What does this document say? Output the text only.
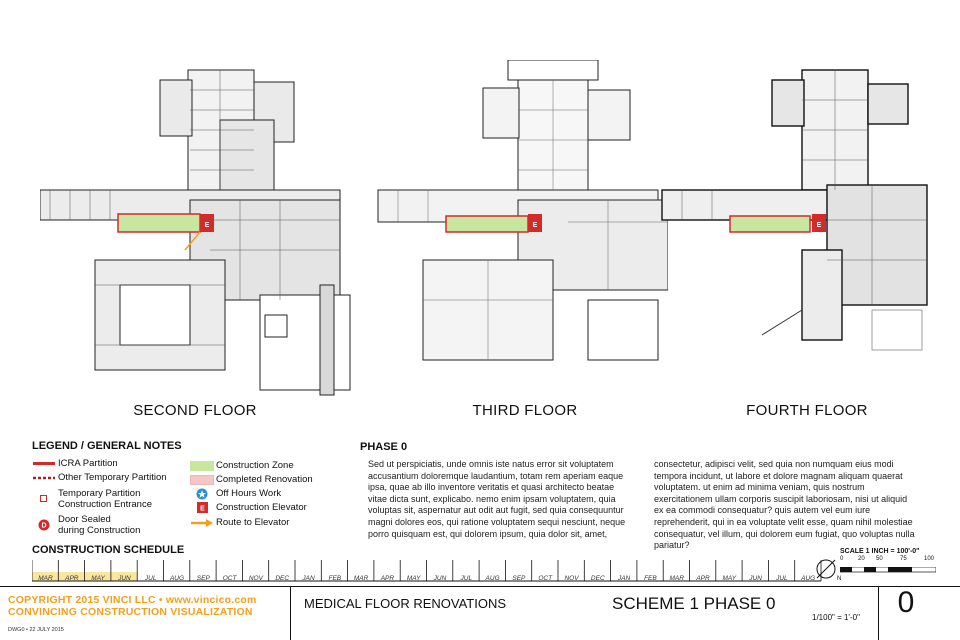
E	E	E
SECOND FLOOR	THIRD FLOOR	FOURTH FLOOR
LEGEND / GENERAL NOTES
ICRA Partition
Other Temporary Partition
Temporary Partition
Construction Entrance
D
Door Sealed
during Construction
Construction Zone
Completed Renovation
Off Hours Work
E Construction Elevator
Route to Elevator
PHASE 0
Sed ut perspiciatis, unde omnis iste natus error sit voluptatem accusantium doloremque laudantium, totam rem aperiam eaque ipsa, quae ab illo inventore veritatis et quasi architecto beatae vitae dicta sunt, explicabo. nemo enim ipsam voluptatem, quia voluptas sit, aspernatur aut odit aut fugit, sed quia consequuntur magni dolores eos, qui ratione voluptatem sequi nesciunt, neque porro quisquam est, qui dolorem ipsum, quia dolor sit, amet,
consectetur, adipisci velit, sed quia non numquam eius modi tempora incidunt, ut labore et dolore magnam aliquam quaerat voluptatem. ut enim ad minima veniam, quis nostrum exercitationem ullam corporis suscipit laboriosam, nisi ut aliquid ex ea commodi consequatur? quis autem vel eum iure reprehenderit, qui in ea voluptate velit esse, quam nihil molestiae consequatur, vel illum, qui dolorem eum fugiat, quo voluptas nulla pariatur?
CONSTRUCTION SCHEDULE
MAR	APR	MAY	JUN	JUL	AUG	SEP	OCT	NOV	DEC	JAN	FEB	MAR	APR	MAY	JUN	JUL	AUG	SEP	OCT	NOV	DEC	JAN	FEB	MAR	APR	MAY	JUN	JUL	AUG
SCALE 1 INCH = 100'-0"
N
0 20 50	75	100
COPYRIGHT 2015 VINCI LLC • www.vincico.com
CONVINCING CONSTRUCTION VISUALIZATION
DWG0 • 22 JULY 2015
MEDICAL FLOOR RENOVATIONS	SCHEME 1 PHASE 0
1/100" = 1'-0"	0
